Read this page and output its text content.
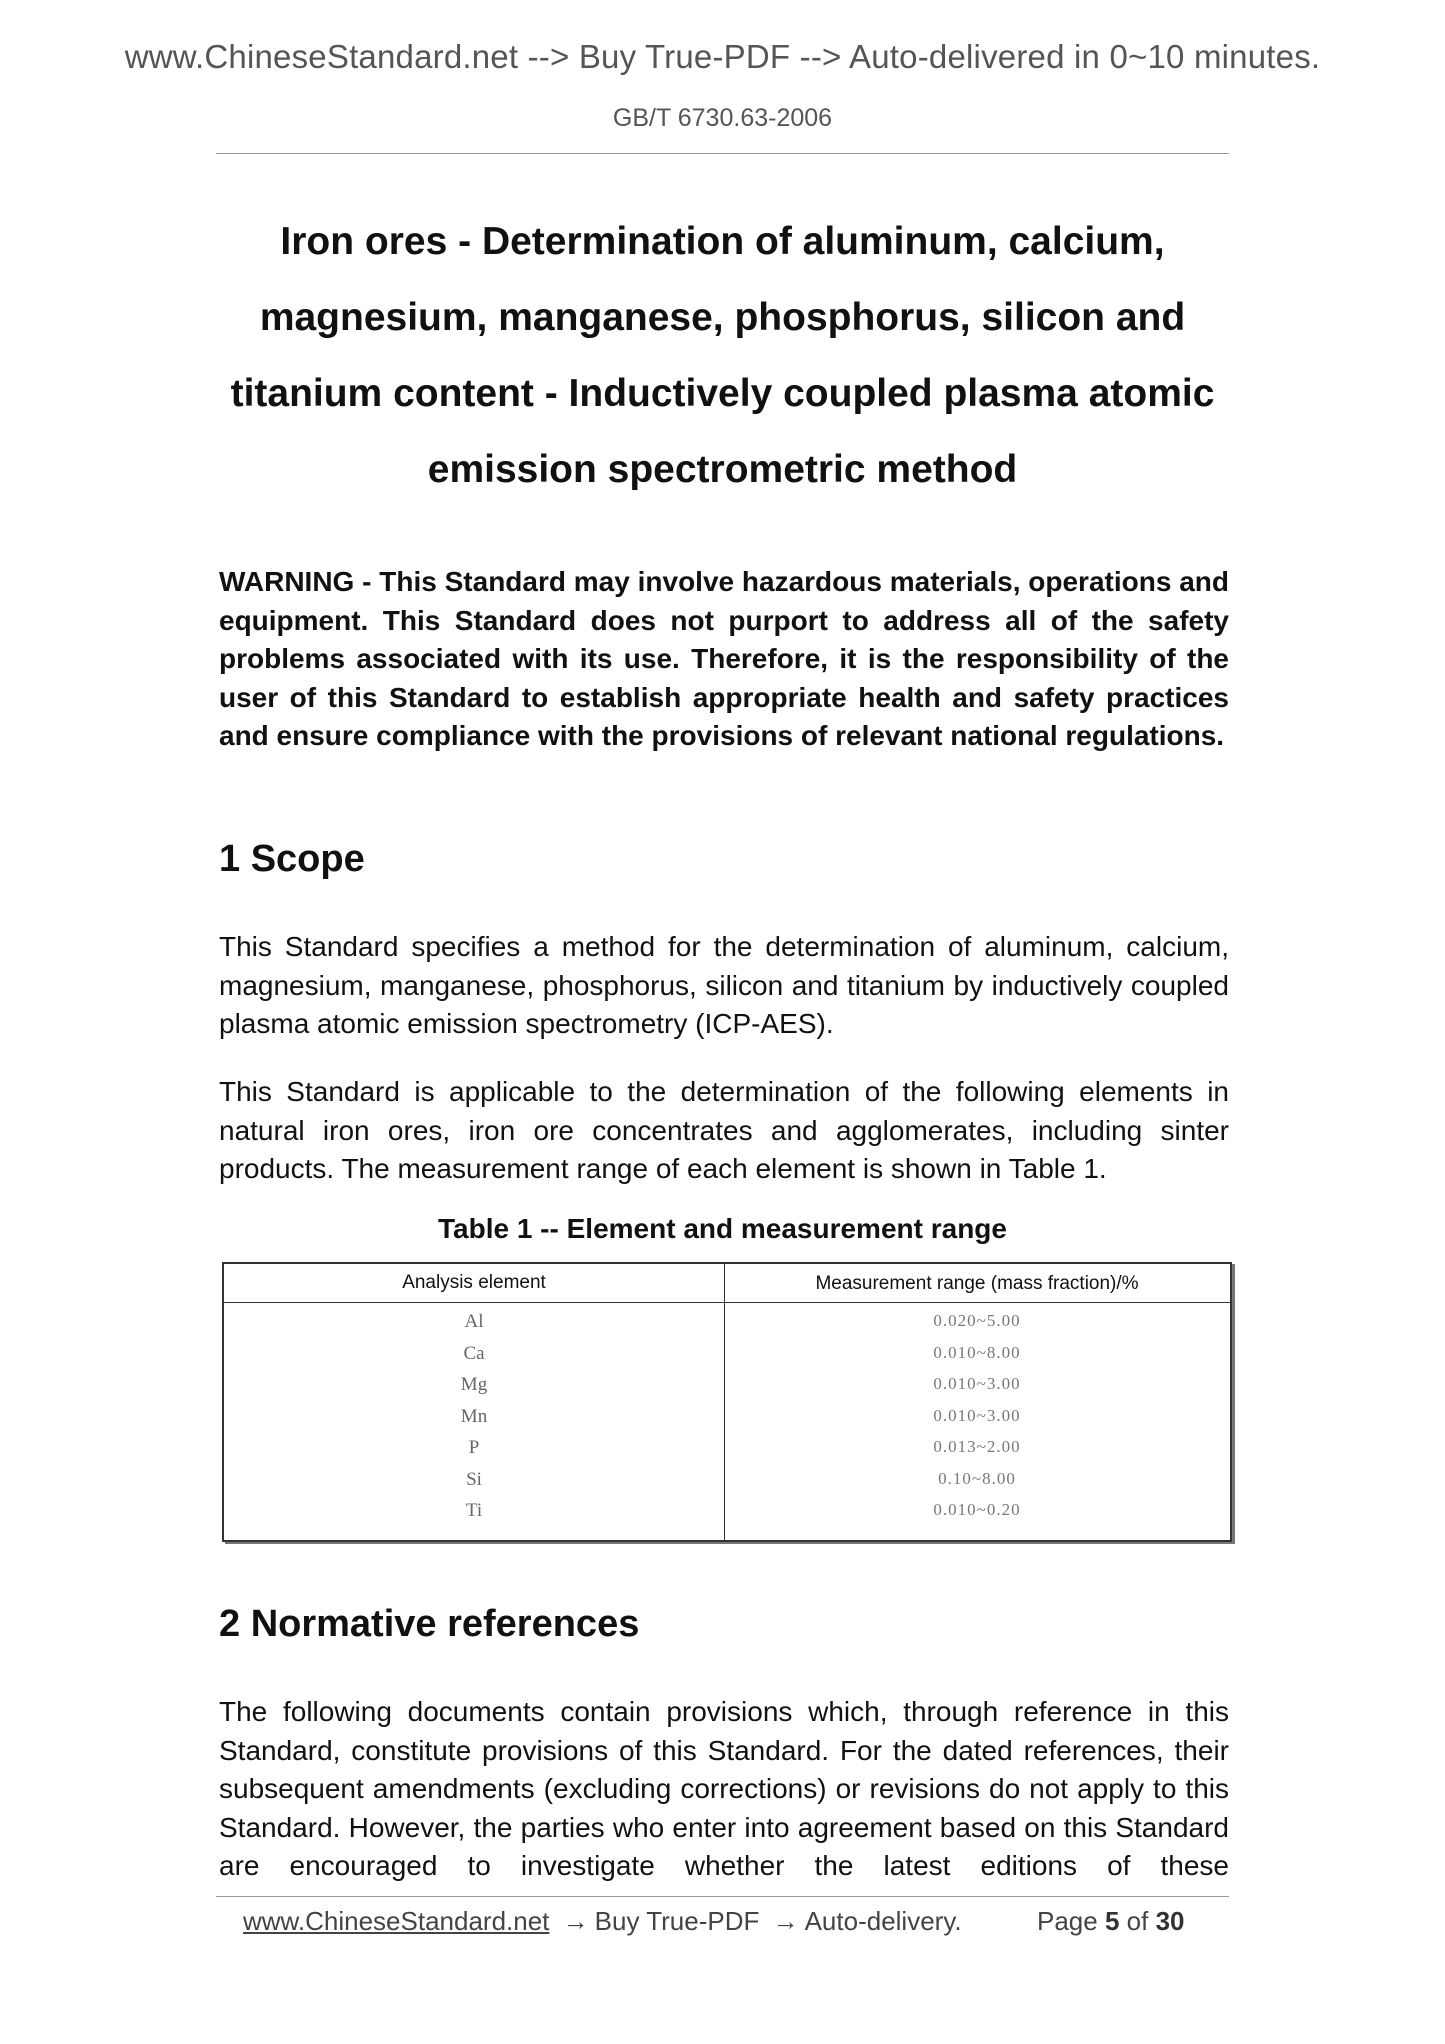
www.ChineseStandard.net --> Buy True-PDF --> Auto-delivered in 0~10 minutes.
GB/T 6730.63-2006
Iron ores - Determination of aluminum, calcium,
magnesium, manganese, phosphorus, silicon and
titanium content - Inductively coupled plasma atomic
emission spectrometric method
WARNING - This Standard may involve hazardous materials, operations and equipment. This Standard does not purport to address all of the safety problems associated with its use. Therefore, it is the responsibility of the user of this Standard to establish appropriate health and safety practices and ensure compliance with the provisions of relevant national regulations.
1 Scope
This Standard specifies a method for the determination of aluminum, calcium, magnesium, manganese, phosphorus, silicon and titanium by inductively coupled plasma atomic emission spectrometry (ICP-AES).
This Standard is applicable to the determination of the following elements in natural iron ores, iron ore concentrates and agglomerates, including sinter products. The measurement range of each element is shown in Table 1.
Table 1 -- Element and measurement range
Analysis element	Measurement range (mass fraction)/%
Al	0.020~5.00
Ca	0.010~8.00
Mg	0.010~3.00
Mn	0.010~3.00
P	0.013~2.00
Si	0.10~8.00
Ti	0.010~0.20
2 Normative references
The following documents contain provisions which, through reference in this Standard, constitute provisions of this Standard. For the dated references, their subsequent amendments (excluding corrections) or revisions do not apply to this Standard. However, the parties who enter into agreement based on this Standard are encouraged to investigate whether the latest editions of these
www.ChineseStandard.net → Buy True-PDF → Auto-delivery.	Page 5 of 30
